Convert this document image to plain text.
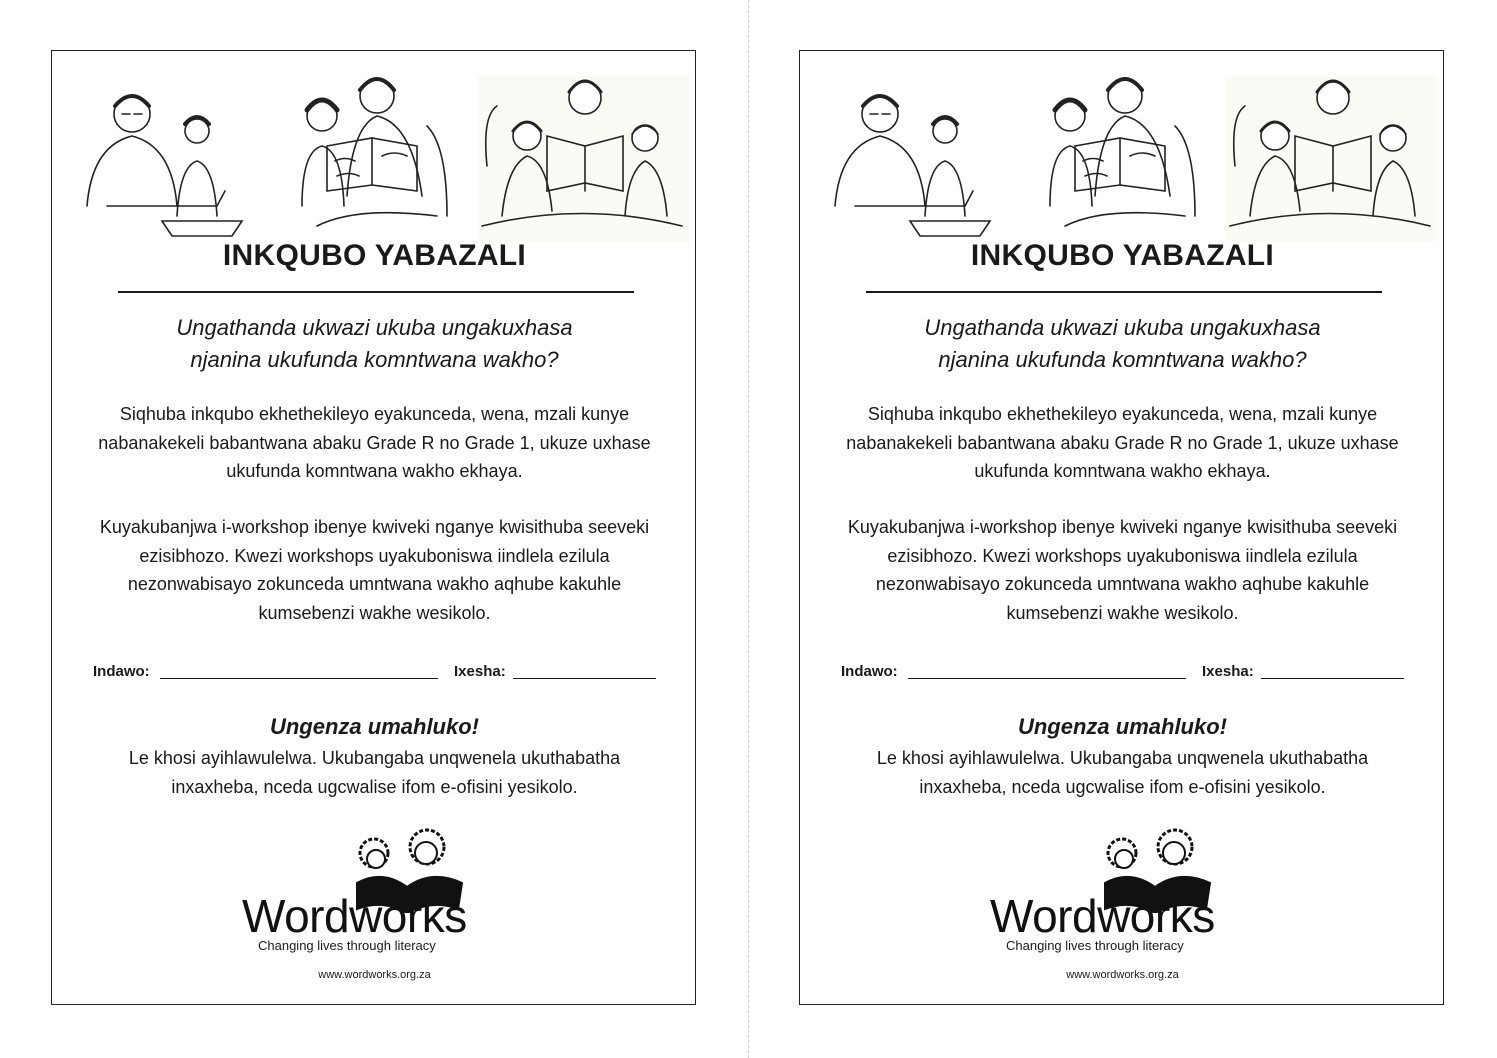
INKQUBO YABAZALI
Ungathanda ukwazi ukuba ungakuxhasa
njanina ukufunda komntwana wakho?
Siqhuba inkqubo ekhethekileyo eyakunceda, wena, mzali kunye nabanakekeli babantwana abaku Grade R no Grade 1, ukuze uxhase ukufunda komntwana wakho ekhaya.
Kuyakubanjwa i-workshop ibenye kwiveki nganye kwisithuba seeveki ezisibhozo. Kwezi workshops uyakuboniswa iindlela ezilula nezonwabisayo zokunceda umntwana wakho aqhube kakuhle kumsebenzi wakhe wesikolo.
Indawo:	Ixesha:
Ungenza umahluko!
Le khosi ayihlawulelwa. Ukubangaba unqwenela ukuthabatha inxaxheba, nceda ugcwalise ifom e-ofisini yesikolo.
Wordworks
Changing lives through literacy
www.wordworks.org.za
INKQUBO YABAZALI
Ungathanda ukwazi ukuba ungakuxhasa
njanina ukufunda komntwana wakho?
Siqhuba inkqubo ekhethekileyo eyakunceda, wena, mzali kunye nabanakekeli babantwana abaku Grade R no Grade 1, ukuze uxhase ukufunda komntwana wakho ekhaya.
Kuyakubanjwa i-workshop ibenye kwiveki nganye kwisithuba seeveki ezisibhozo. Kwezi workshops uyakuboniswa iindlela ezilula nezonwabisayo zokunceda umntwana wakho aqhube kakuhle kumsebenzi wakhe wesikolo.
Indawo:	Ixesha:
Ungenza umahluko!
Le khosi ayihlawulelwa. Ukubangaba unqwenela ukuthabatha inxaxheba, nceda ugcwalise ifom e-ofisini yesikolo.
Wordworks
Changing lives through literacy
www.wordworks.org.za
